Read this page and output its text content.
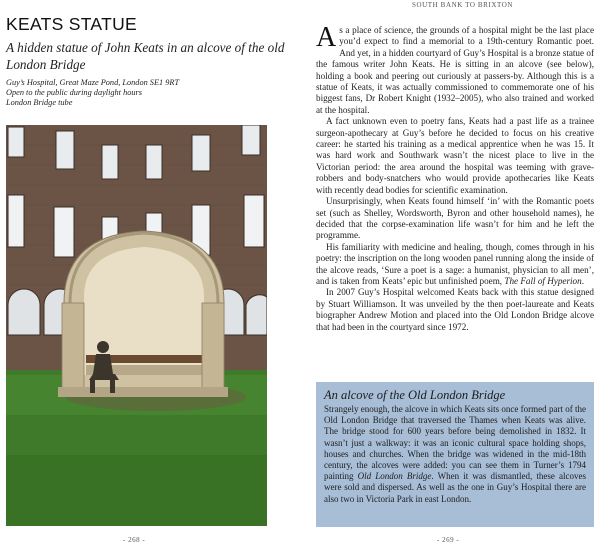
KEATS STATUE
A hidden statue of John Keats in an alcove of the old London Bridge
Guy’s Hospital, Great Maze Pond, London SE1 9RT
Open to the public during daylight hours
London Bridge tube
- 268 -
SOUTH BANK TO BRIXTON

As a place of science, the grounds of a hospital might be the last place you’d expect to find a memorial to a 19th-century Romantic poet. And yet, in a hidden courtyard of Guy’s Hospital is a bronze statue of the famous writer John Keats. He is sitting in an alcove (see below), holding a book and peering out curiously at passers-by. Although this is a statue of Keats, it was actually commissioned to commemorate one of his biggest fans, Dr Robert Knight (1932–2005), who also trained and worked at the hospital.

A fact unknown even to poetry fans, Keats had a past life as a trainee surgeon-apothecary at Guy’s before he decided to focus on his creative career: he started his training as a medical apprentice when he was 15. It was hard work and Southwark wasn’t the nicest place to live in the Victorian period: the area around the hospital was teeming with grave-robbers and body-snatchers who would provide apothecaries like Keats with recently dead bodies for scientific examination.

Unsurprisingly, when Keats found himself ‘in’ with the Romantic poets set (such as Shelley, Wordsworth, Byron and other household names), he decided that the corpse-examination life wasn’t for him and he left the programme.

His familiarity with medicine and healing, though, comes through in his poetry: the inscription on the long wooden panel running along the inside of the alcove reads, ‘Sure a poet is a sage: a humanist, physician to all men’, and is taken from Keats’ epic but unfinished poem, The Fall of Hyperion.

In 2007 Guy’s Hospital welcomed Keats back with this statue designed by Stuart Williamson. It was unveiled by the then poet-laureate and Keats biographer Andrew Motion and placed into the Old London Bridge alcove that had been in the courtyard since 1972.

An alcove of the Old London Bridge
Strangely enough, the alcove in which Keats sits once formed part of the Old London Bridge that traversed the Thames when Keats was alive. The bridge stood for 600 years before being demolished in 1832. It wasn’t just a walkway: it was an iconic cultural space holding shops, houses and churches. When the bridge was widened in the mid-18th century, the alcoves were added: you can see them in Turner’s 1794 painting Old London Bridge. When it was dismantled, these alcoves were sold and dispersed. As well as the one in Guy’s Hospital there are also two in Victoria Park in east London.
- 269 -
